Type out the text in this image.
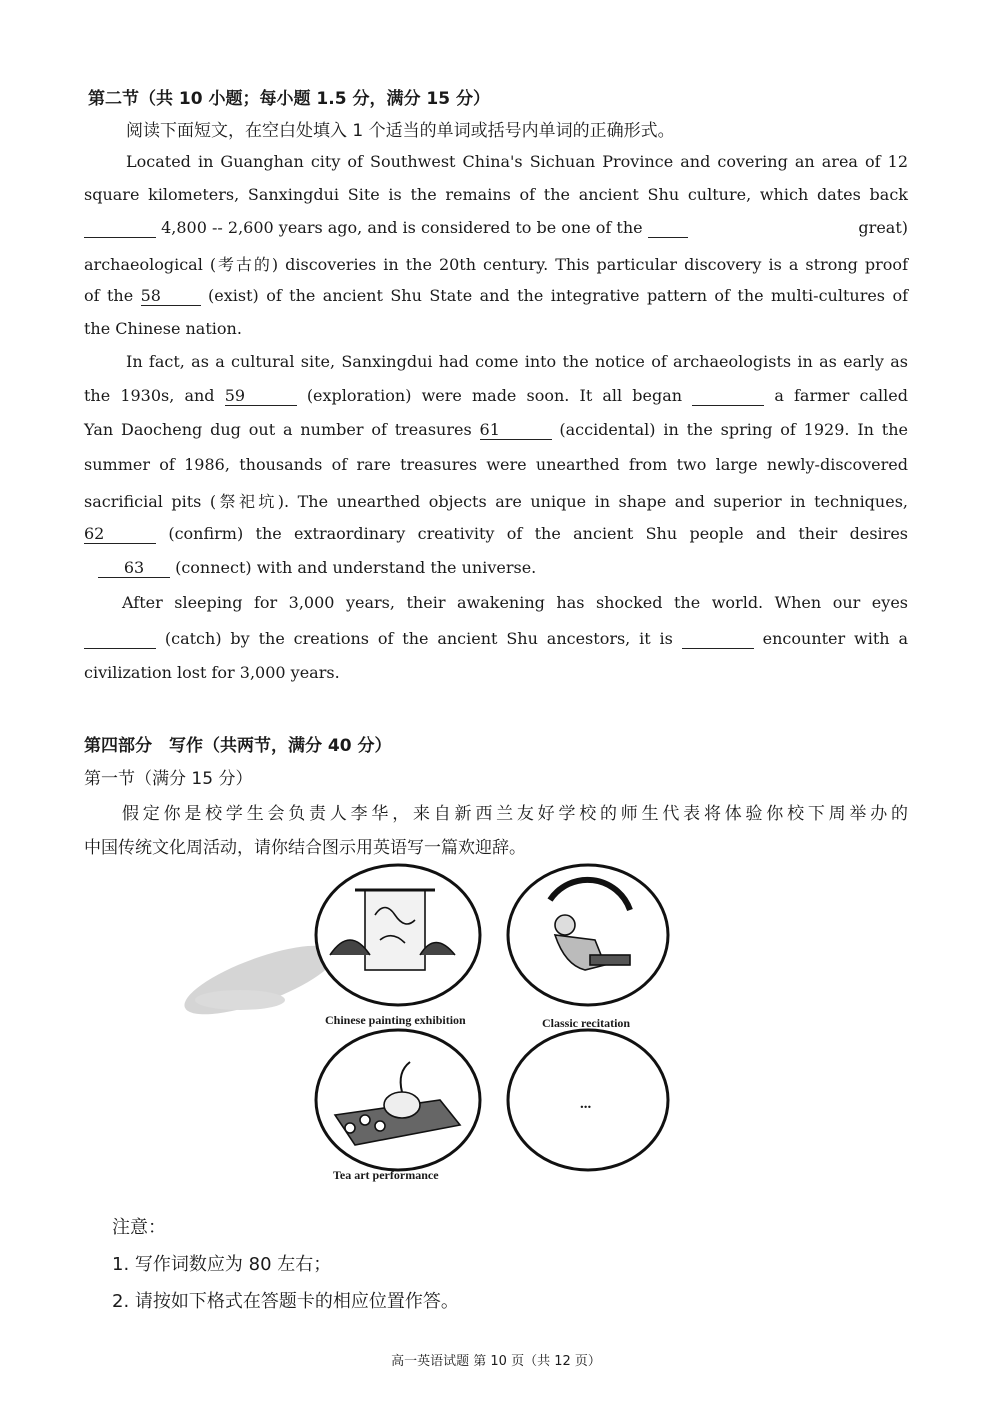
第二节（共 10 小题；每小题 1.5 分，满分 15 分）
阅读下面短文，在空白处填入 1 个适当的单词或括号内单词的正确形式。
Located in Guanghan city of Southwest China's Sichuan Province and covering an area of 12
square kilometers, Sanxingdui Site is the remains of the ancient Shu culture, which dates back
4,800 -- 2,600 years ago, and is considered to be one of the	great)
archaeological (考古的) discoveries in the 20th century. This particular discovery is a strong proof
of the 58	(exist) of the ancient Shu State and the integrative pattern of the multi-cultures of
the Chinese nation.
In fact, as a cultural site, Sanxingdui had come into the notice of archaeologists in as early as
the 1930s, and 59	(exploration) were made soon. It all began	a farmer called
Yan Daocheng dug out a number of treasures 61	(accidental) in the spring of 1929. In the
summer of 1986, thousands of rare treasures were unearthed from two large newly-discovered
sacrificial pits (祭祀坑). The unearthed objects are unique in shape and superior in techniques,
62	(confirm) the extraordinary creativity of the ancient Shu people and their desires
63 (connect) with and understand the universe.
After sleeping for 3,000 years, their awakening has shocked the world. When our eyes
(catch) by the creations of the ancient Shu ancestors, it is	encounter with a
civilization lost for 3,000 years.
第四部分　写作（共两节，满分 40 分）
第一节（满分 15 分）
假定你是校学生会负责人李华，来自新西兰友好学校的师生代表将体验你校下周举办的
中国传统文化周活动，请你结合图示用英语写一篇欢迎辞。
Chinese painting exhibition	Classic recitation
...
Tea art performance
注意：
1. 写作词数应为 80 左右；
2. 请按如下格式在答题卡的相应位置作答。
高一英语试题 第 10 页（共 12 页）
